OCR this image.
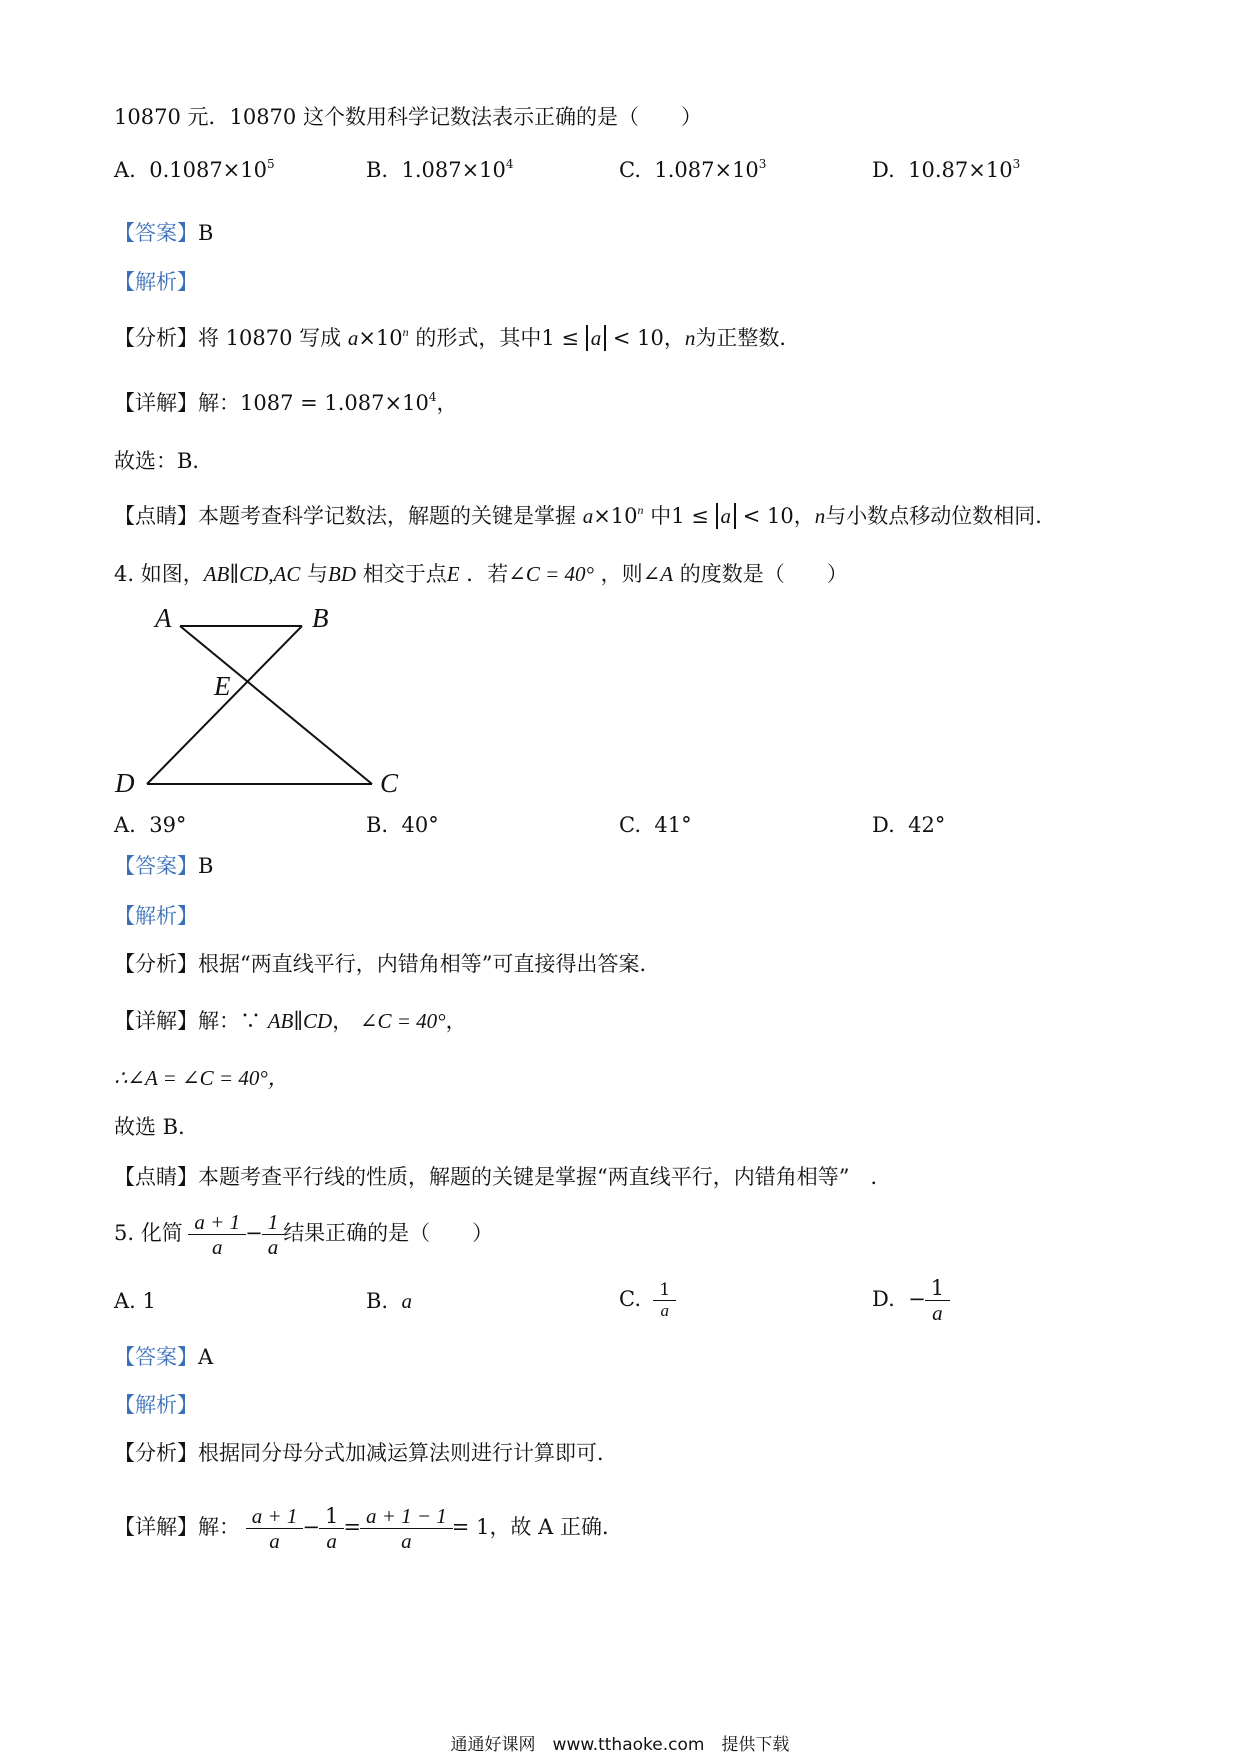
10870 元．10870 这个数用科学记数法表示正确的是（　　）
A. $0.1087\times 10^5$	B. $1.087\times 10^4$	C. $1.087\times 10^3$	D. $10.87\times 10^3$
【答案】B
【解析】
【分析】将 10870 写成 $a\times 10^n$ 的形式，其中1 ≤ a < 10，n为正整数．
【详解】解：$1087 = 1.087\times 10^4$，
故选：B．
【点睛】本题考查科学记数法，解题的关键是掌握 $a\times 10^n$ 中1 ≤ a < 10，n与小数点移动位数相同．
4. 如图，AB∥CD,AC 与BD 相交于点E ．若∠C = 40° ，则∠A 的度数是（　　）
A	B
E
D	C
A. 39°	B. 40°	C. 41°	D. 42°
【答案】B
【解析】
【分析】根据“两直线平行，内错角相等”可直接得出答案．
【详解】解：∵ AB∥CD， ∠C = 40°，
∴∠A = ∠C = 40°，
故选 B．
【点睛】本题考查平行线的性质，解题的关键是掌握“两直线平行，内错角相等”　．
5. 化简 $\frac{a + 1}{a} - \frac{1}{a}$ 结果正确的是（　　）
A. 1	B. a	C. $\frac{1}{a}$	D. − $\frac{1}{a}$
【答案】A
【解析】
【分析】根据同分母分式加减运算法则进行计算即可．
【详解】解： $\frac{a + 1}{a} - \frac{1}{a} = \frac{a + 1 - 1}{a} = 1$，故 A 正确．
通通好课网　www.tthaoke.com　提供下载
